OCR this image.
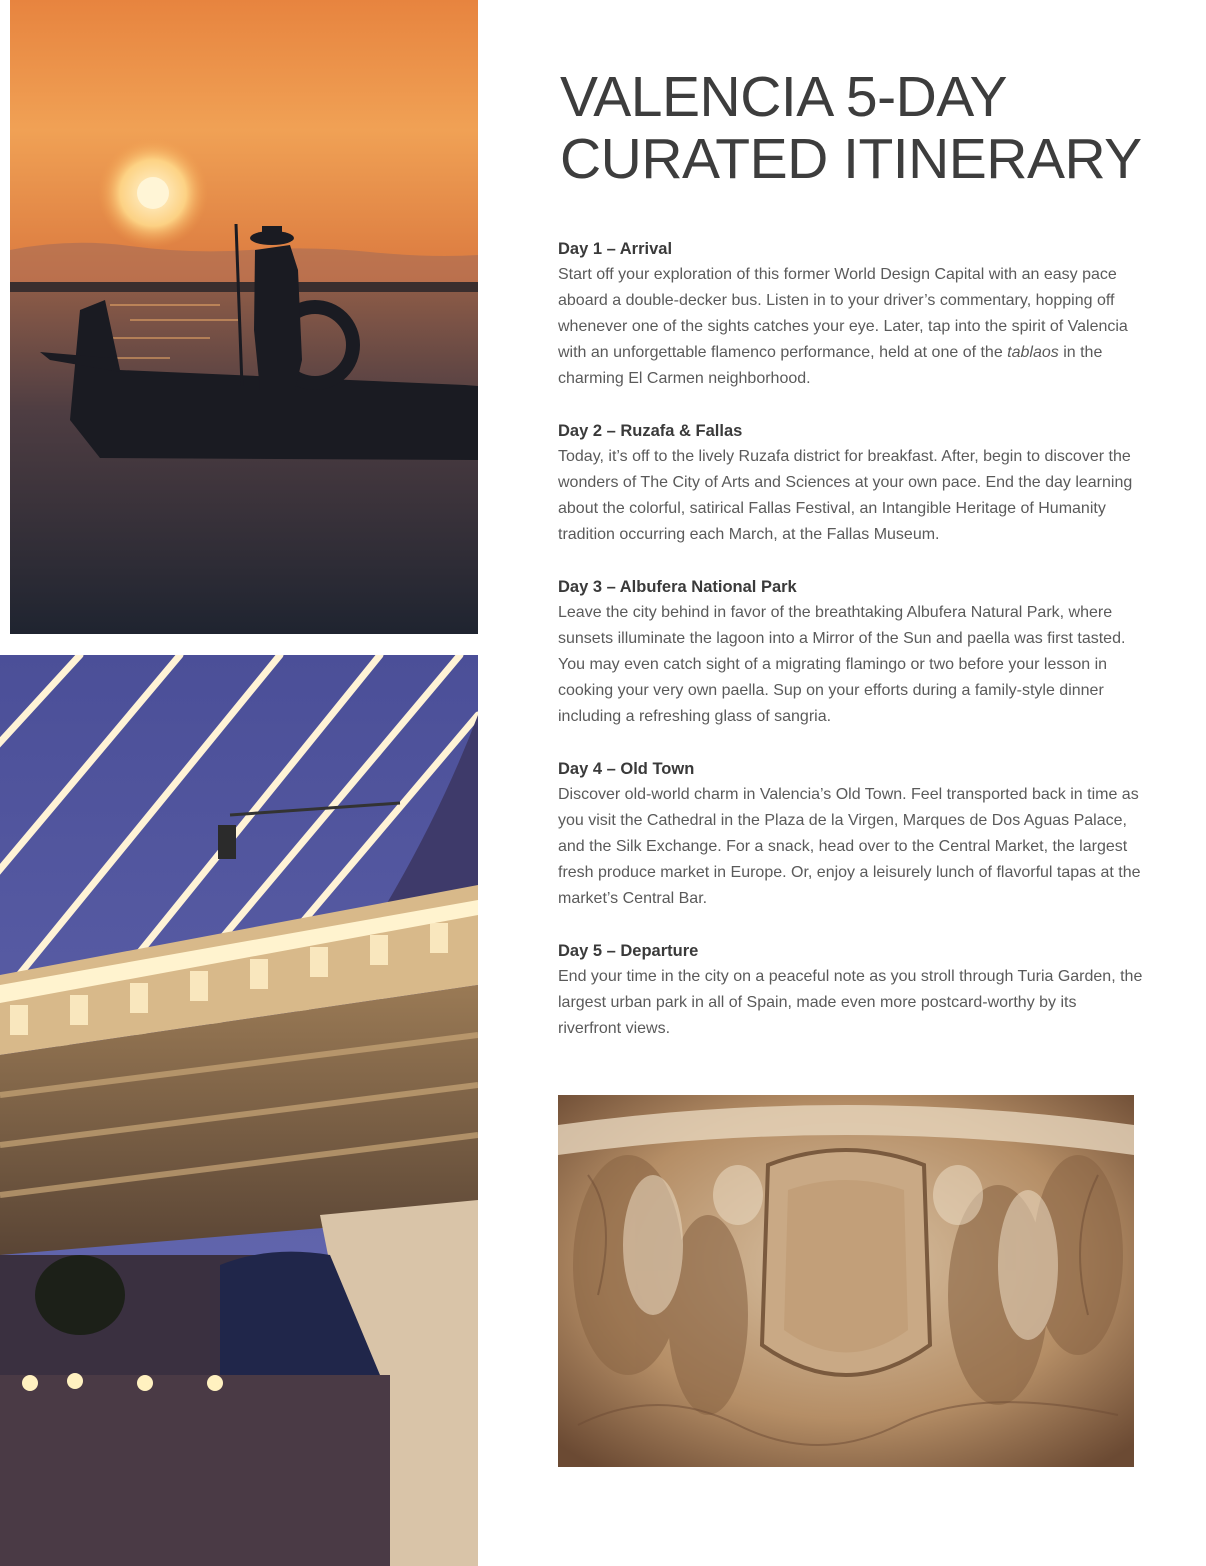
VALENCIA 5-DAY
CURATED ITINERARY
Day 1 – Arrival

Start off your exploration of this former World Design Capital with an easy pace aboard a double-decker bus. Listen in to your driver’s commentary, hopping off whenever one of the sights catches your eye. Later, tap into the spirit of Valencia with an unforgettable flamenco performance, held at one of the tablaos in the charming El Carmen neighborhood.

Day 2 – Ruzafa & Fallas

Today, it’s off to the lively Ruzafa district for breakfast. After, begin to discover the wonders of The City of Arts and Sciences at your own pace. End the day learning about the colorful, satirical Fallas Festival, an Intangible Heritage of Humanity tradition occurring each March, at the Fallas Museum.

Day 3 – Albufera National Park

Leave the city behind in favor of the breathtaking Albufera Natural Park, where sunsets illuminate the lagoon into a Mirror of the Sun and paella was first tasted. You may even catch sight of a migrating flamingo or two before your lesson in cooking your very own paella. Sup on your efforts during a family-style dinner including a refreshing glass of sangria.

Day 4 – Old Town

Discover old-world charm in Valencia’s Old Town. Feel transported back in time as you visit the Cathedral in the Plaza de la Virgen, Marques de Dos Aguas Palace, and the Silk Exchange. For a snack, head over to the Central Market, the largest fresh produce market in Europe. Or, enjoy a leisurely lunch of flavorful tapas at the market’s Central Bar.

Day 5 – Departure

End your time in the city on a peaceful note as you stroll through Turia Garden, the largest urban park in all of Spain, made even more postcard-worthy by its riverfront views.
